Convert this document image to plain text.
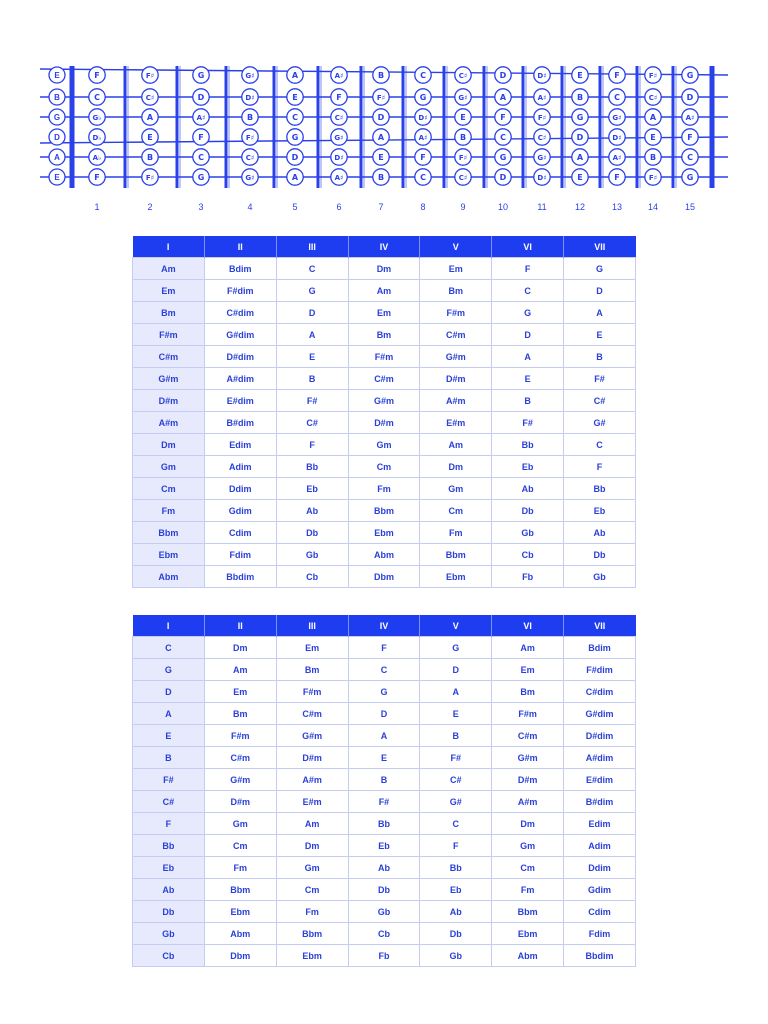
E
B
G
D
A
E
F
C
G♭
D♭
A♭
F
F♯
C♯
A
E
B
F♯
G
D
A♯
F
C
G
G♯
D♯
B
F♯
C♯
G♯
A
E
C
G
D
A
A♯
F
C♯
G♯
D♯
A♯
B
F♯
D
A
E
B
C
G
D♯
A♯
F
C
C♯
G♯
E
B
F♯
C♯
D
A
F
C
G
D
D♯
A♯
F♯
C♯
G♯
D♯
E
B
G
D
A
E
F
C
G♯
D♯
A♯
F
F♯
C♯
A
E
B
F♯
G
D
A♯
F
C
G
1	2	3	4	5	6	7	8	9	10	11	12	13	14	15
I	II	III	IV	V	VI	VII
Am	Bdim	C	Dm	Em	F	G
Em	F#dim	G	Am	Bm	C	D
Bm	C#dim	D	Em	F#m	G	A
F#m	G#dim	A	Bm	C#m	D	E
C#m	D#dim	E	F#m	G#m	A	B
G#m	A#dim	B	C#m	D#m	E	F#
D#m	E#dim	F#	G#m	A#m	B	C#
A#m	B#dim	C#	D#m	E#m	F#	G#
Dm	Edim	F	Gm	Am	Bb	C
Gm	Adim	Bb	Cm	Dm	Eb	F
Cm	Ddim	Eb	Fm	Gm	Ab	Bb
Fm	Gdim	Ab	Bbm	Cm	Db	Eb
Bbm	Cdim	Db	Ebm	Fm	Gb	Ab
Ebm	Fdim	Gb	Abm	Bbm	Cb	Db
Abm	Bbdim	Cb	Dbm	Ebm	Fb	Gb
I	II	III	IV	V	VI	VII
C	Dm	Em	F	G	Am	Bdim
G	Am	Bm	C	D	Em	F#dim
D	Em	F#m	G	A	Bm	C#dim
A	Bm	C#m	D	E	F#m	G#dim
E	F#m	G#m	A	B	C#m	D#dim
B	C#m	D#m	E	F#	G#m	A#dim
F#	G#m	A#m	B	C#	D#m	E#dim
C#	D#m	E#m	F#	G#	A#m	B#dim
F	Gm	Am	Bb	C	Dm	Edim
Bb	Cm	Dm	Eb	F	Gm	Adim
Eb	Fm	Gm	Ab	Bb	Cm	Ddim
Ab	Bbm	Cm	Db	Eb	Fm	Gdim
Db	Ebm	Fm	Gb	Ab	Bbm	Cdim
Gb	Abm	Bbm	Cb	Db	Ebm	Fdim
Cb	Dbm	Ebm	Fb	Gb	Abm	Bbdim
